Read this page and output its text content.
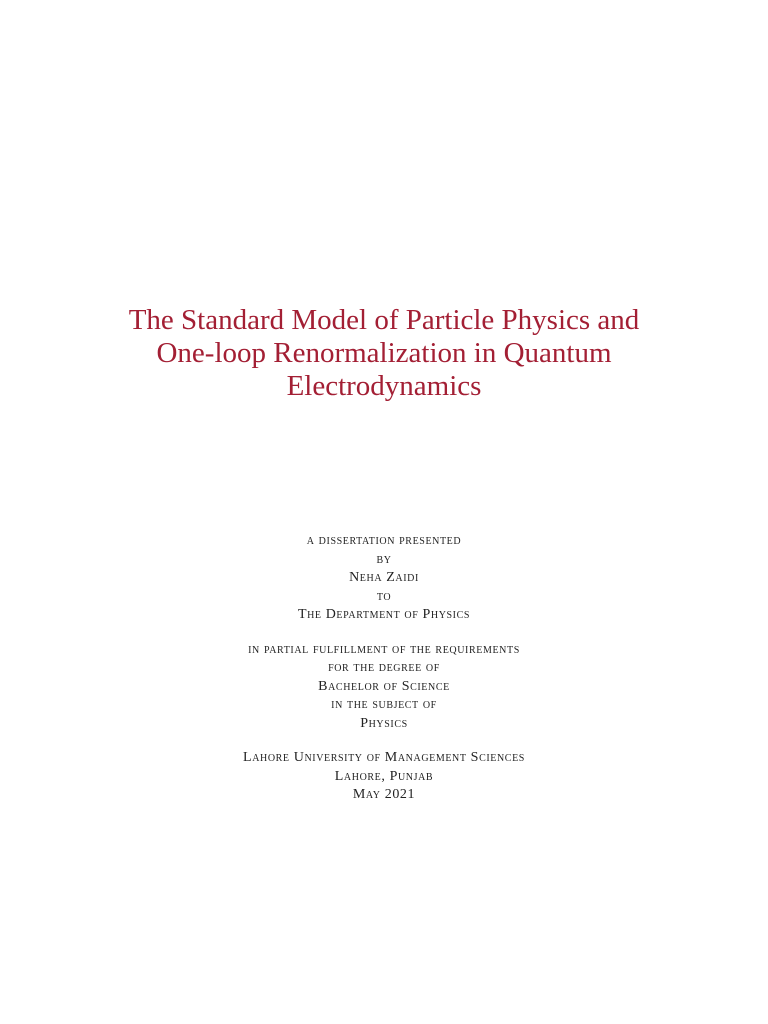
The Standard Model of Particle Physics and
One-loop Renormalization in Quantum
Electrodynamics
a dissertation presented
by
Neha Zaidi
to
The Department of Physics
in partial fulfillment of the requirements
for the degree of
Bachelor of Science
in the subject of
Physics
Lahore University of Management Sciences
Lahore, Punjab
May 2021
